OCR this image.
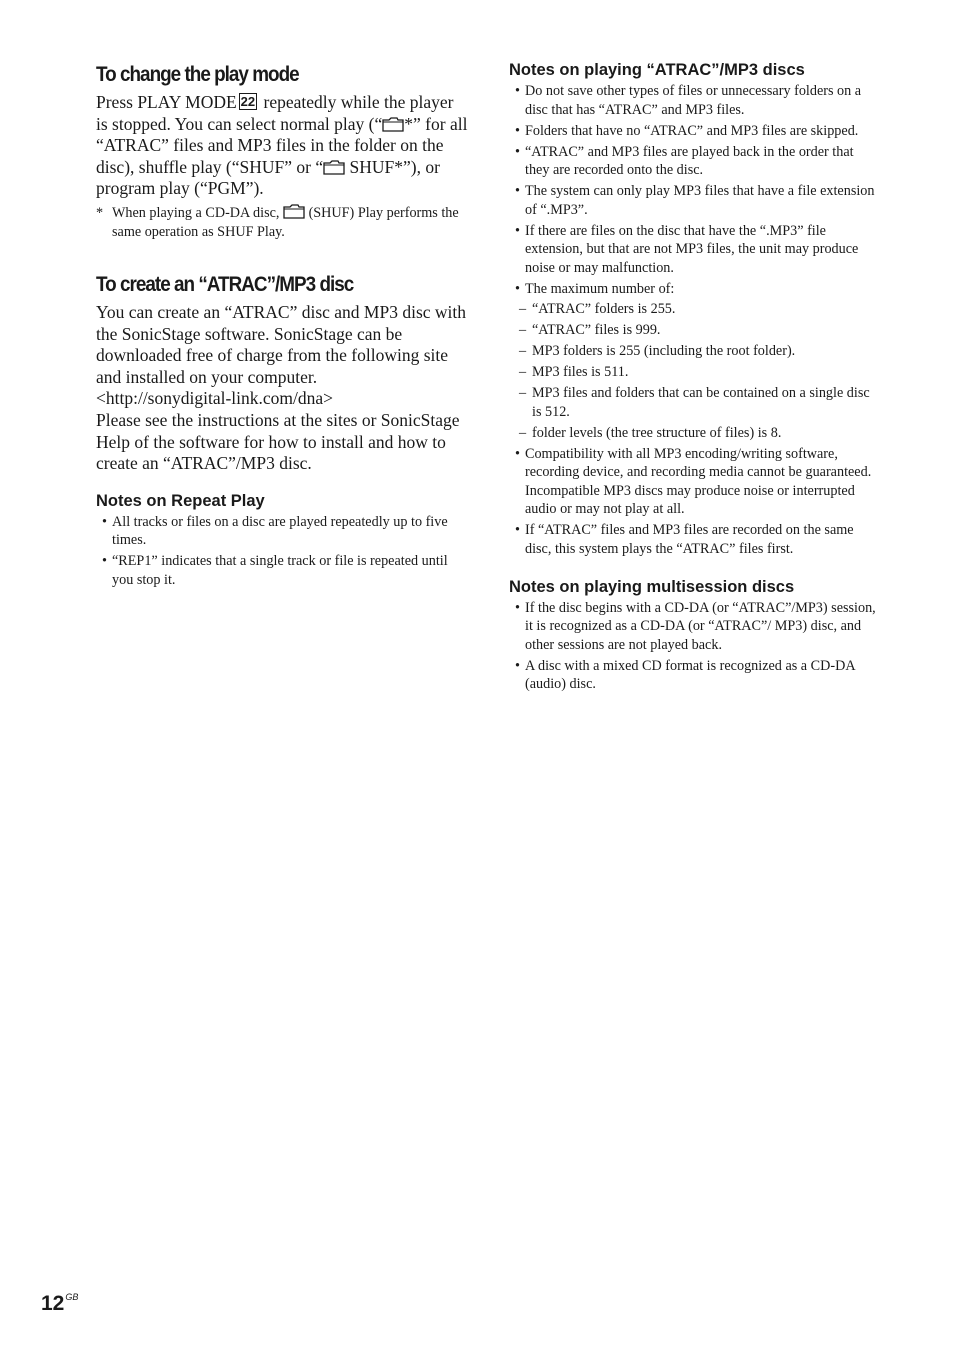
To change the play mode

Press PLAY MODE 22 repeatedly while the player is stopped. You can select normal play (“ *” for all “ATRAC” files and MP3 files in the folder on the disc), shuffle play (“SHUF” or “ SHUF*”), or program play (“PGM”).

* When playing a CD-DA disc, (SHUF) Play performs the same operation as SHUF Play.
To create an “ATRAC”/MP3 disc

You can create an “ATRAC” disc and MP3 disc with the SonicStage software. SonicStage can be downloaded free of charge from the following site and installed on your computer.
<http://sonydigital-link.com/dna>
Please see the instructions at the sites or SonicStage Help of the software for how to install and how to create an “ATRAC”/MP3 disc.

Notes on Repeat Play
• All tracks or files on a disc are played repeatedly up to five times.
• “REP1” indicates that a single track or file is repeated until you stop it.
Notes on playing “ATRAC”/MP3 discs
• Do not save other types of files or unnecessary folders on a disc that has “ATRAC” and MP3 files.
• Folders that have no “ATRAC” and MP3 files are skipped.
• “ATRAC” and MP3 files are played back in the order that they are recorded onto the disc.
• The system can only play MP3 files that have a file extension of “.MP3”.
• If there are files on the disc that have the “.MP3” file extension, but that are not MP3 files, the unit may produce noise or may malfunction.
• The maximum number of:
– “ATRAC” folders is 255.
– “ATRAC” files is 999.
– MP3 folders is 255 (including the root folder).
– MP3 files is 511.
– MP3 files and folders that can be contained on a single disc is 512.
– folder levels (the tree structure of files) is 8.
• Compatibility with all MP3 encoding/writing software, recording device, and recording media cannot be guaranteed. Incompatible MP3 discs may produce noise or interrupted audio or may not play at all.
• If “ATRAC” files and MP3 files are recorded on the same disc, this system plays the “ATRAC” files first.
Notes on playing multisession discs
• If the disc begins with a CD-DA (or “ATRAC”/MP3) session, it is recognized as a CD-DA (or “ATRAC”/ MP3) disc, and other sessions are not played back.
• A disc with a mixed CD format is recognized as a CD-DA (audio) disc.
$12^{GB}$
